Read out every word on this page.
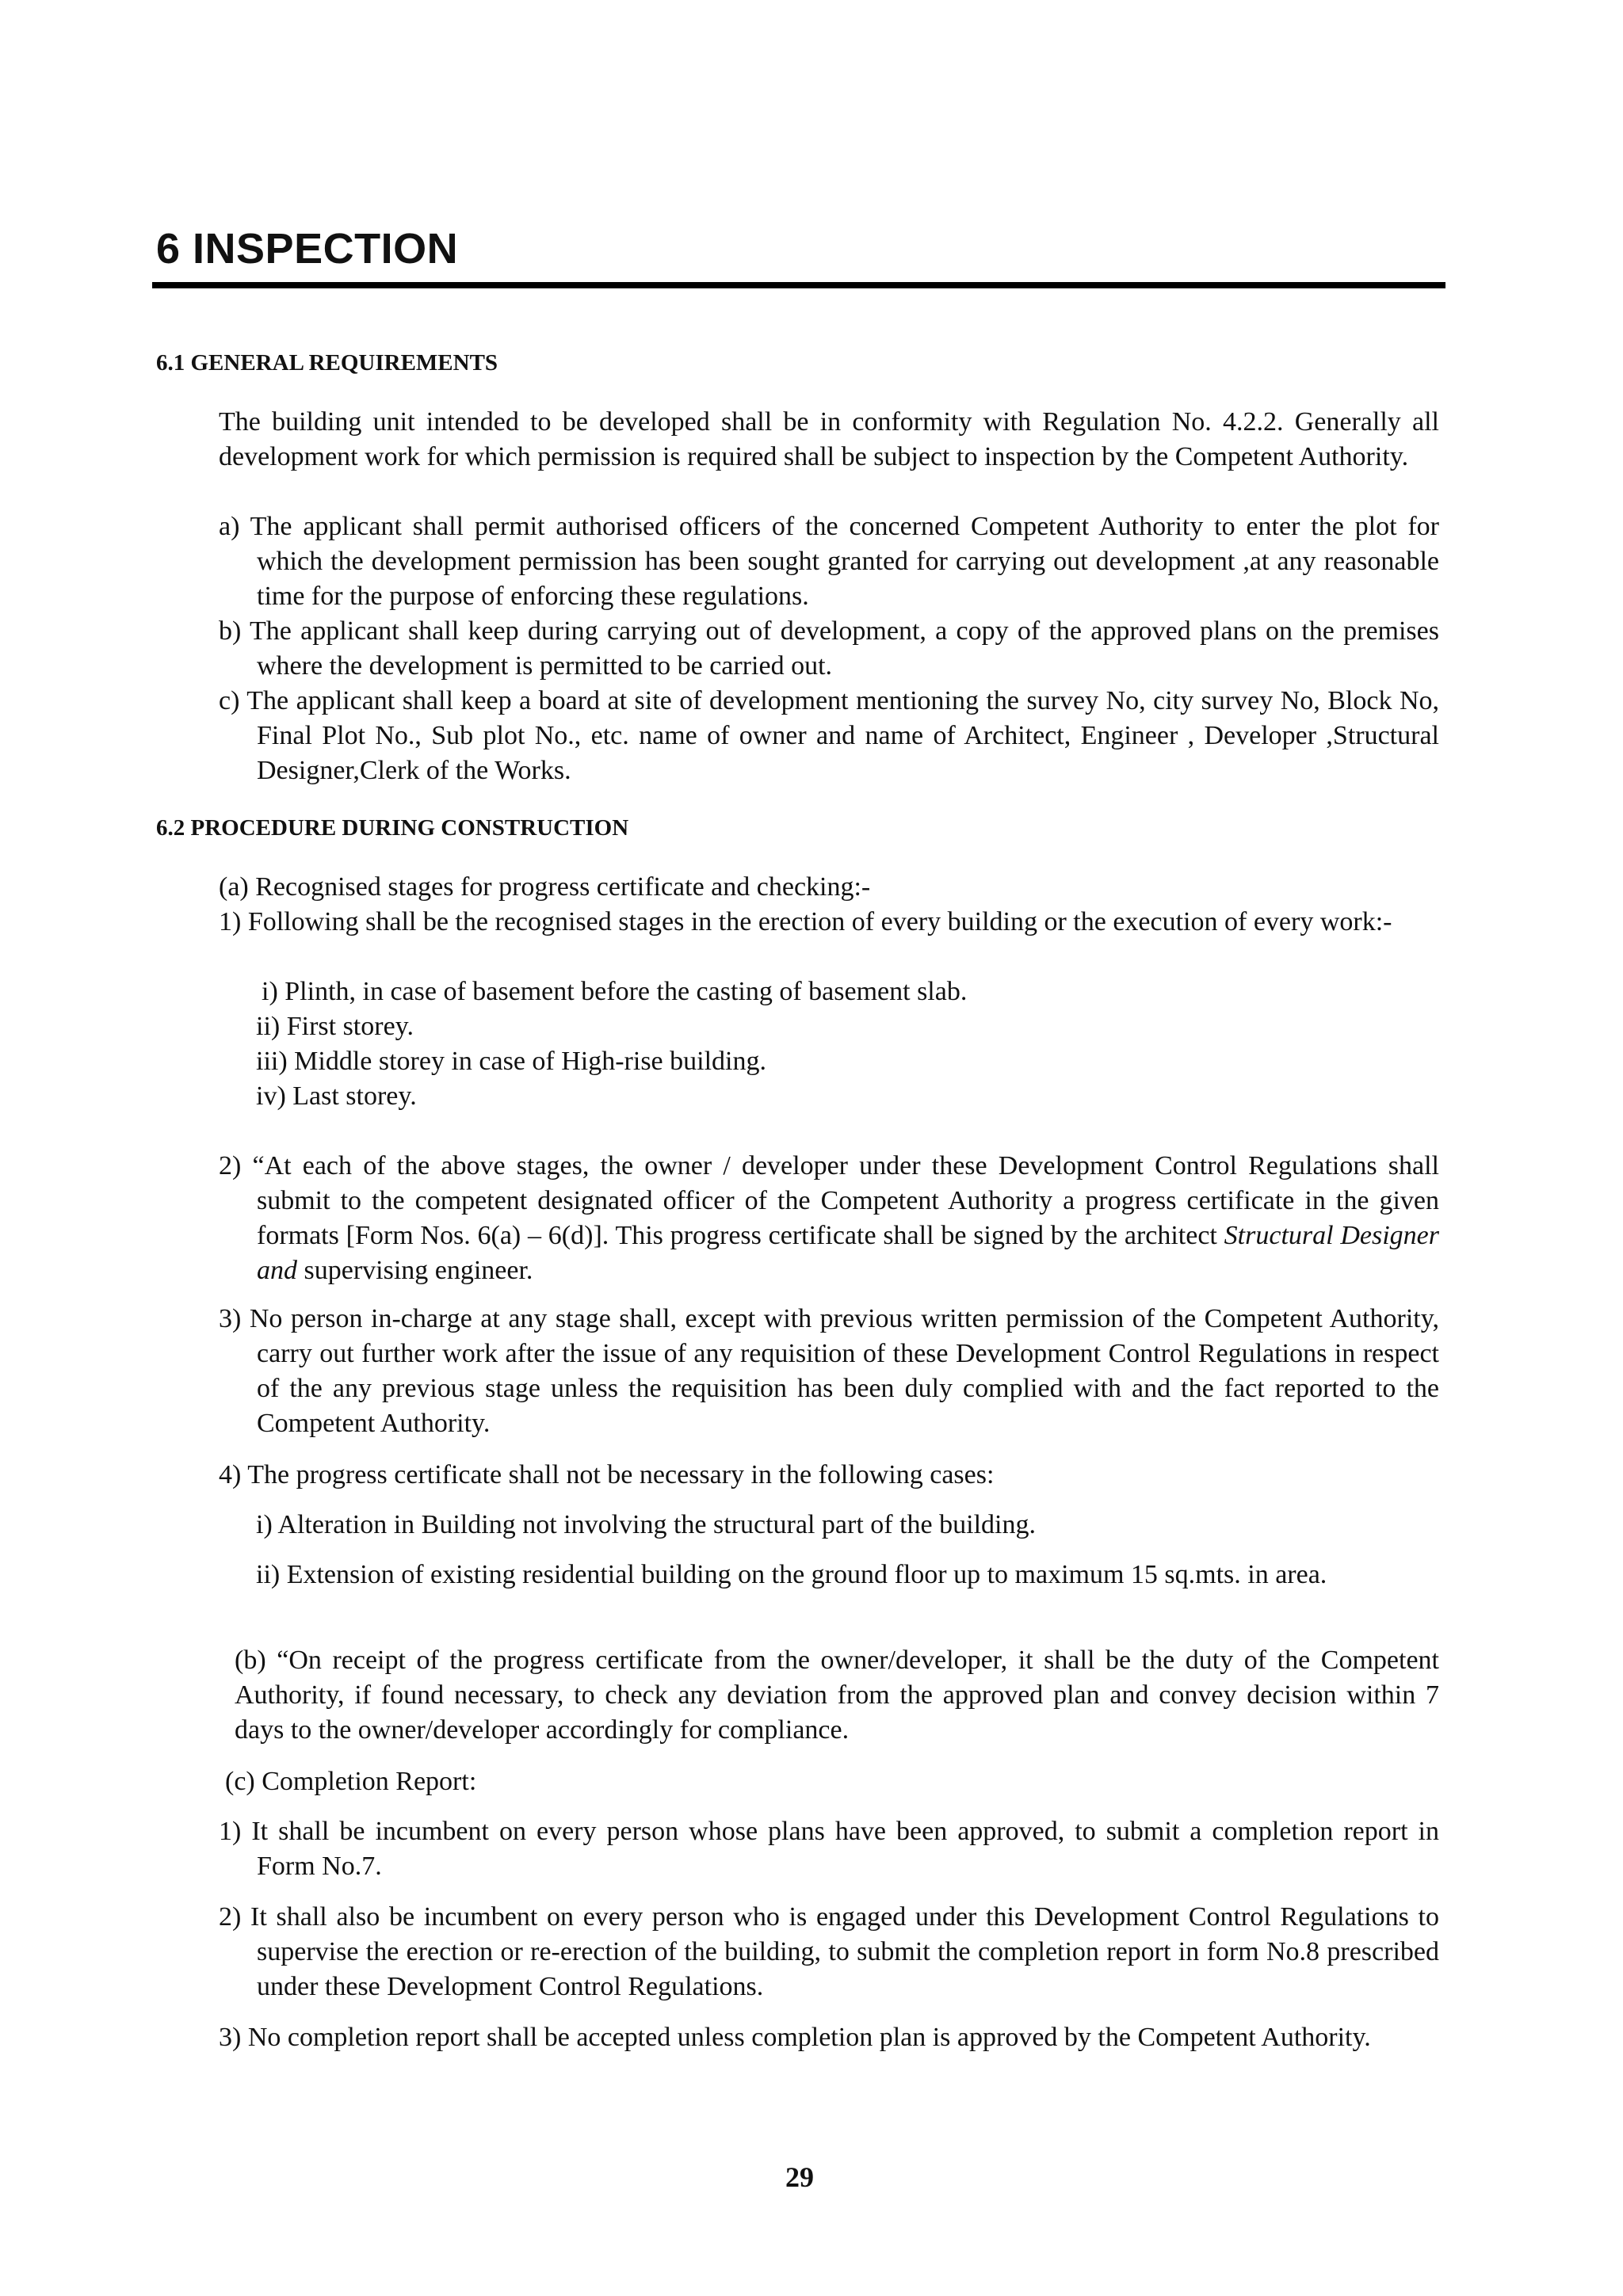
6 INSPECTION
6.1 GENERAL REQUIREMENTS

The building unit intended to be developed shall be in conformity with Regulation No. 4.2.2. Generally all development work for which permission is required shall be subject to inspection by the Competent Authority.

a) The applicant shall permit authorised officers of the concerned Competent Authority to enter the plot for which the development permission has been sought granted for carrying out development ,at any reasonable time for the purpose of enforcing these regulations.

b) The applicant shall keep during carrying out of development, a copy of the approved plans on the premises where the development is permitted to be carried out.

c) The applicant shall keep a board at site of development mentioning the survey No, city survey No, Block No, Final Plot No., Sub plot No., etc. name of owner and name of Architect, Engineer , Developer ,Structural Designer,Clerk of the Works.

6.2 PROCEDURE DURING CONSTRUCTION

(a) Recognised stages for progress certificate and checking:-

1) Following shall be the recognised stages in the erection of every building or the execution of every work:-

i) Plinth, in case of basement before the casting of basement slab.

ii) First storey.

iii) Middle storey in case of High-rise building.

iv) Last storey.

2) “At each of the above stages, the owner / developer under these Development Control Regulations shall submit to the competent designated officer of the Competent Authority a progress certificate in the given formats [Form Nos. 6(a) – 6(d)]. This progress certificate shall be signed by the architect Structural Designer and supervising engineer.

3) No person in-charge at any stage shall, except with previous written permission of the Competent Authority, carry out further work after the issue of any requisition of these Development Control Regulations in respect of the any previous stage unless the requisition has been duly complied with and the fact reported to the Competent Authority.

4) The progress certificate shall not be necessary in the following cases:

i) Alteration in Building not involving the structural part of the building.

ii) Extension of existing residential building on the ground floor up to maximum 15 sq.mts. in area.

(b) “On receipt of the progress certificate from the owner/developer, it shall be the duty of the Competent Authority, if found necessary, to check any deviation from the approved plan and convey decision within 7 days to the owner/developer accordingly for compliance.

(c) Completion Report:

1) It shall be incumbent on every person whose plans have been approved, to submit a completion report in Form No.7.

2) It shall also be incumbent on every person who is engaged under this Development Control Regulations to supervise the erection or re-erection of the building, to submit the completion report in form No.8 prescribed under these Development Control Regulations.

3) No completion report shall be accepted unless completion plan is approved by the Competent Authority.

29
